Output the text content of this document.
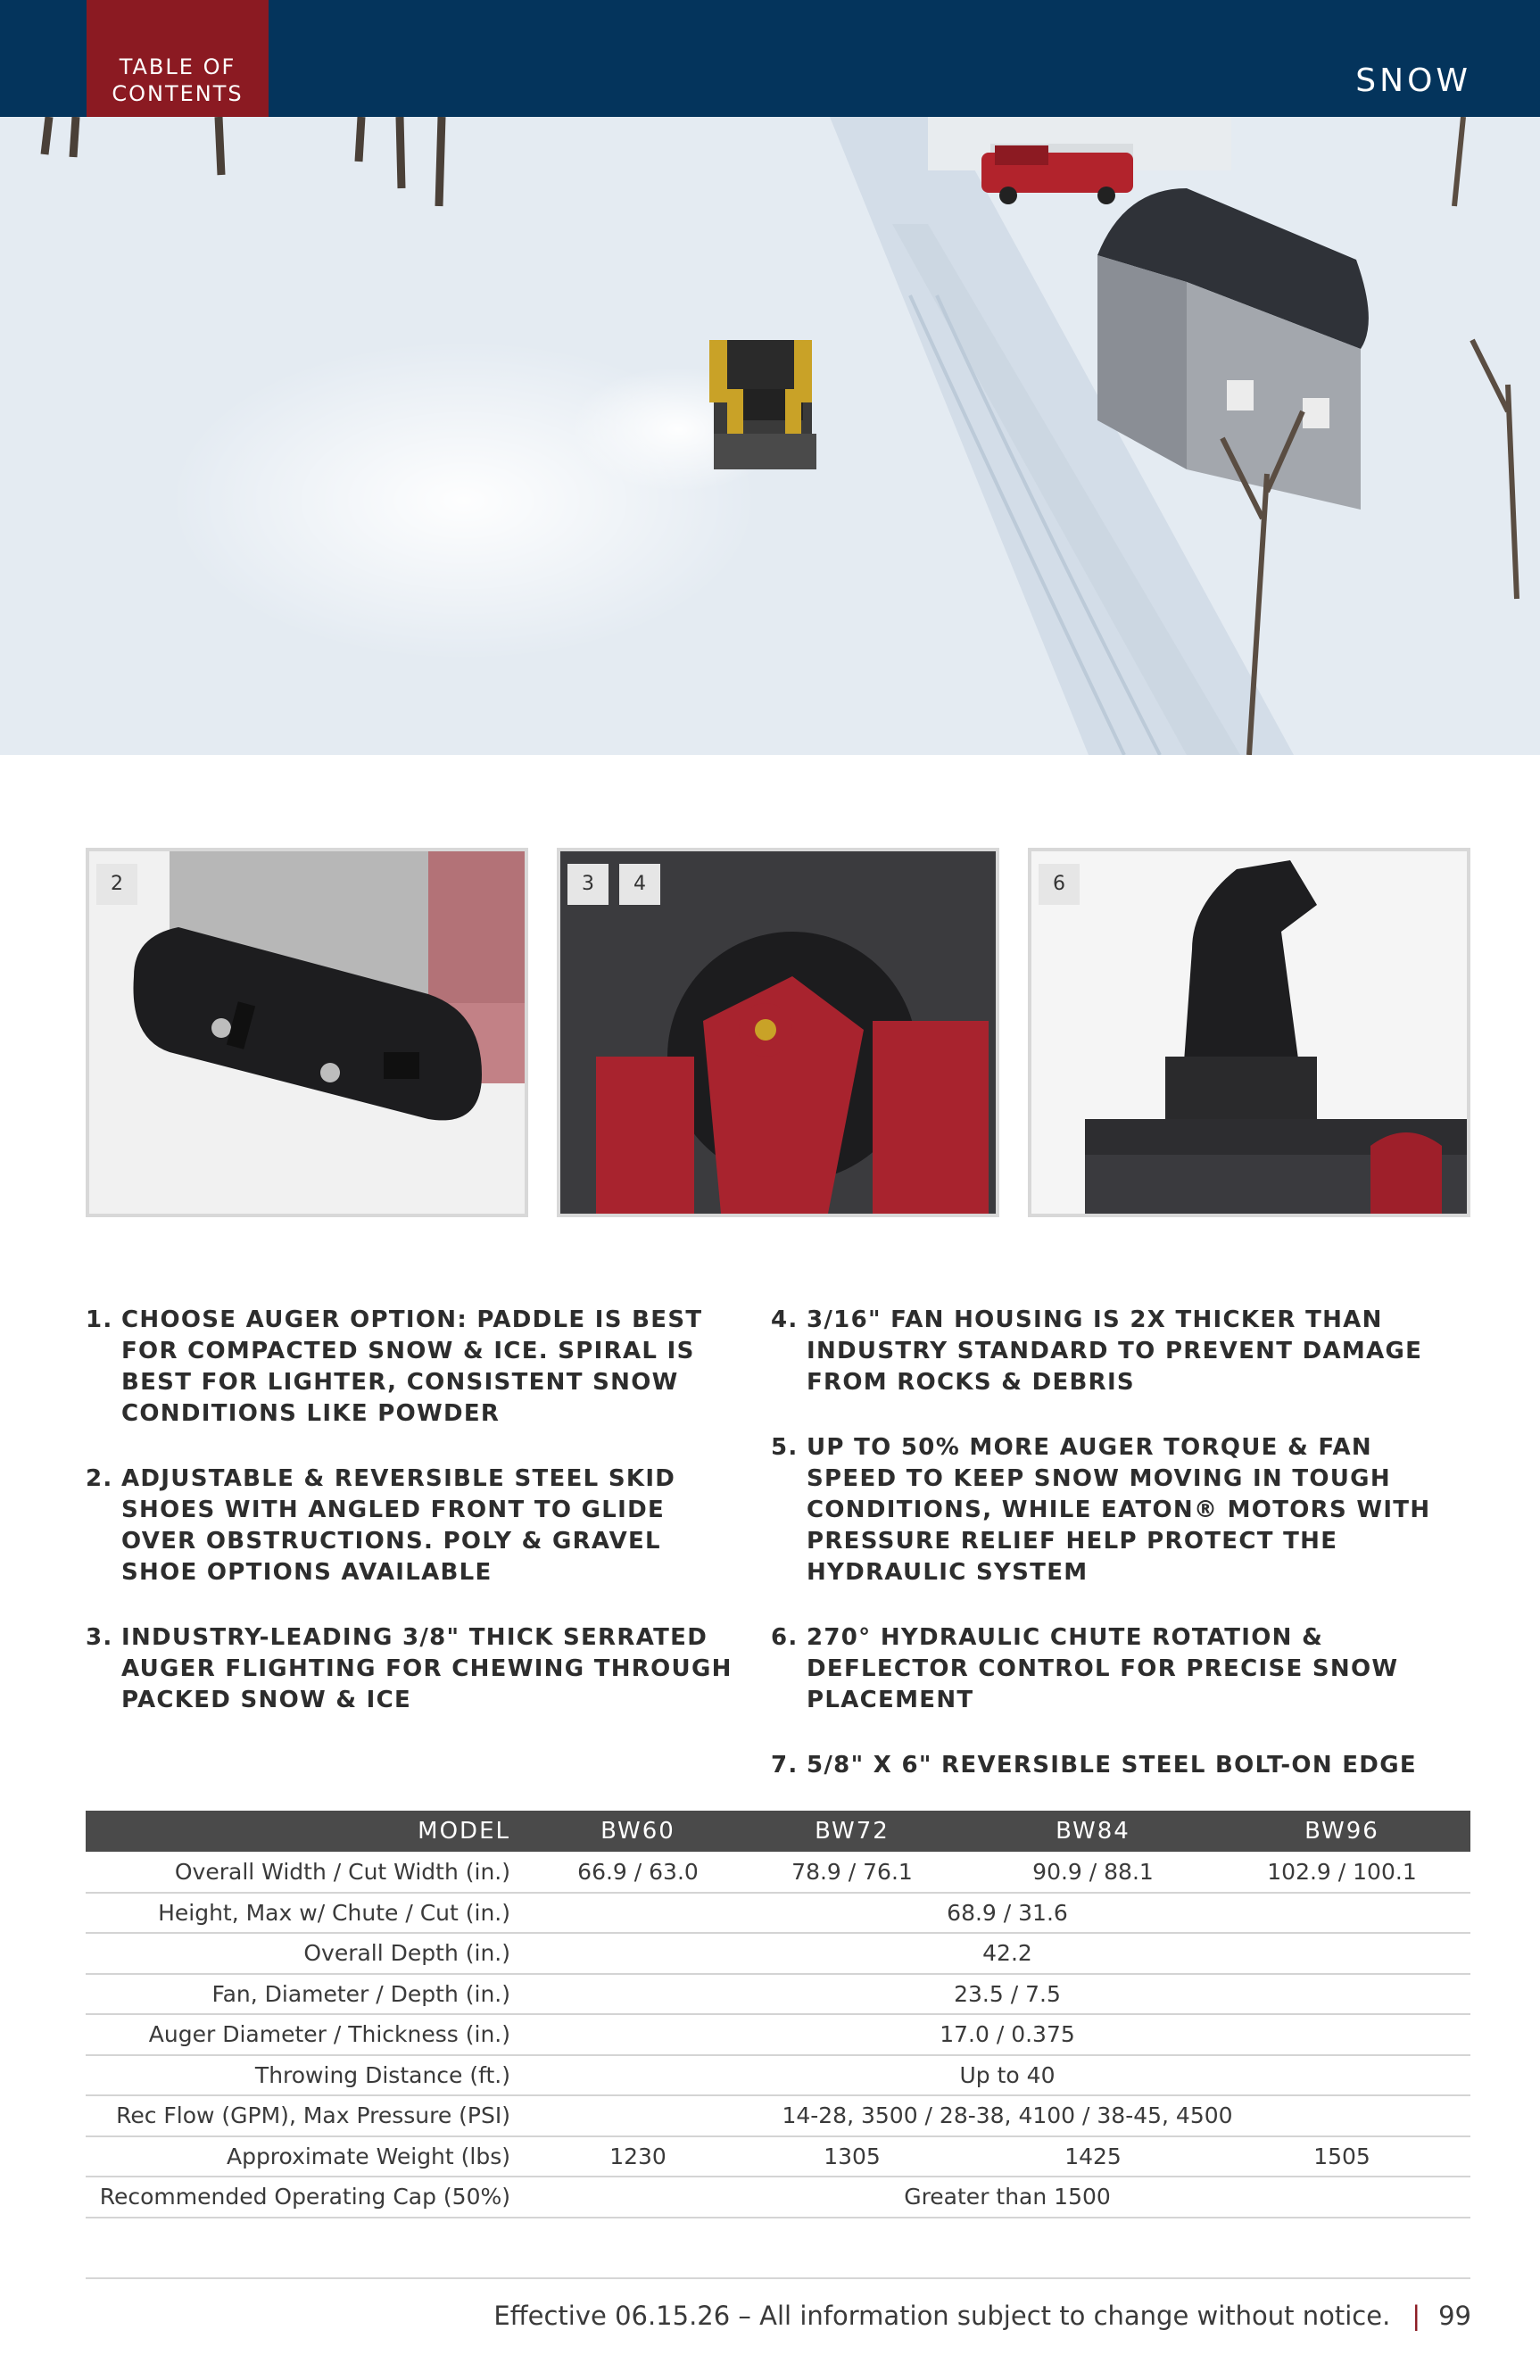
TABLE OF
CONTENTS	SNOW
2	3	4	6
1. CHOOSE AUGER OPTION: PADDLE IS BEST FOR COMPACTED SNOW & ICE. SPIRAL IS BEST FOR LIGHTER, CONSISTENT SNOW CONDITIONS LIKE POWDER
2. ADJUSTABLE & REVERSIBLE STEEL SKID SHOES WITH ANGLED FRONT TO GLIDE OVER OBSTRUCTIONS. POLY & GRAVEL SHOE OPTIONS AVAILABLE
3. INDUSTRY-LEADING 3/8" THICK SERRATED AUGER FLIGHTING FOR CHEWING THROUGH PACKED SNOW & ICE
4. 3/16" FAN HOUSING IS 2X THICKER THAN INDUSTRY STANDARD TO PREVENT DAMAGE FROM ROCKS & DEBRIS
5. UP TO 50% MORE AUGER TORQUE & FAN SPEED TO KEEP SNOW MOVING IN TOUGH CONDITIONS, WHILE EATON® MOTORS WITH PRESSURE RELIEF HELP PROTECT THE HYDRAULIC SYSTEM
6. 270° HYDRAULIC CHUTE ROTATION & DEFLECTOR CONTROL FOR PRECISE SNOW PLACEMENT
7. 5/8" X 6" REVERSIBLE STEEL BOLT-ON EDGE
MODEL	BW60	BW72	BW84	BW96
Overall Width / Cut Width (in.)	66.9 / 63.0	78.9 / 76.1	90.9 / 88.1	102.9 / 100.1
Height, Max w/ Chute / Cut (in.)	68.9 / 31.6			
Overall Depth (in.)	42.2			
Fan, Diameter / Depth (in.)	23.5 / 7.5			
Auger Diameter / Thickness (in.)	17.0 / 0.375			
Throwing Distance (ft.)	Up to 40			
Rec Flow (GPM), Max Pressure (PSI)	14-28, 3500 / 28-38, 4100 / 38-45, 4500			
Approximate Weight (lbs)	1230	1305	1425	1505
Recommended Operating Cap (50%)	Greater than 1500			
Effective 06.15.26 – All information subject to change without notice. | 99
